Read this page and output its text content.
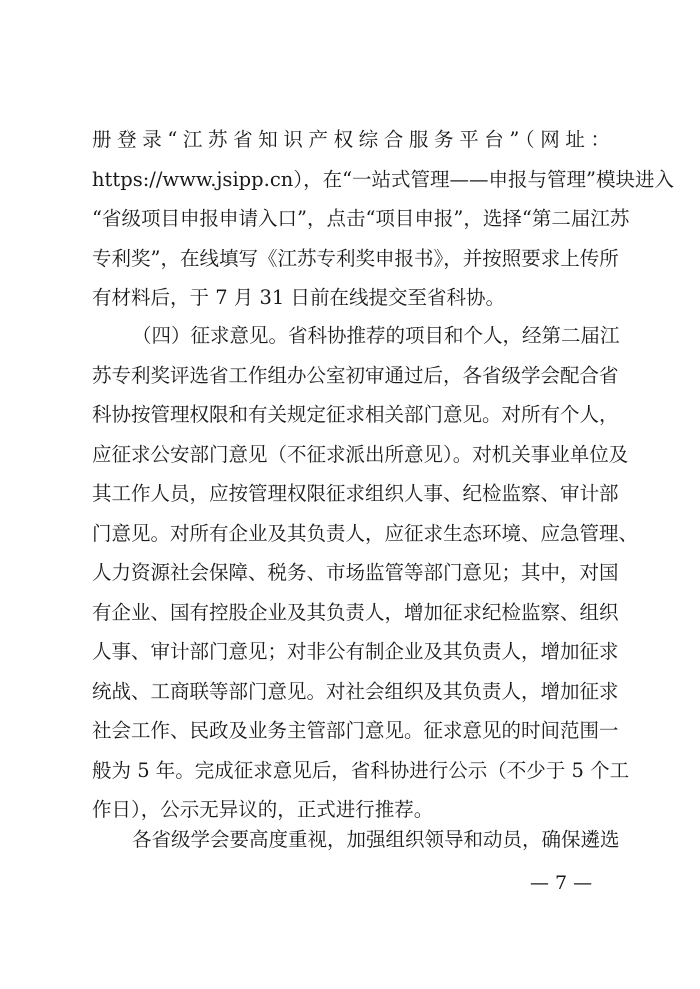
册登录“江苏省知识产权综合服务平台”（网址：
https://www.jsipp.cn），在“一站式管理——申报与管理”模块进入
“省级项目申报申请入口”，点击“项目申报”，选择“第二届江苏
专利奖”，在线填写《江苏专利奖申报书》，并按照要求上传所
有材料后，于 7 月 31 日前在线提交至省科协。
（四）征求意见。省科协推荐的项目和个人，经第二届江
苏专利奖评选省工作组办公室初审通过后，各省级学会配合省
科协按管理权限和有关规定征求相关部门意见。对所有个人，
应征求公安部门意见（不征求派出所意见）。对机关事业单位及
其工作人员，应按管理权限征求组织人事、纪检监察、审计部
门意见。对所有企业及其负责人，应征求生态环境、应急管理、
人力资源社会保障、税务、市场监管等部门意见；其中，对国
有企业、国有控股企业及其负责人，增加征求纪检监察、组织
人事、审计部门意见；对非公有制企业及其负责人，增加征求
统战、工商联等部门意见。对社会组织及其负责人，增加征求
社会工作、民政及业务主管部门意见。征求意见的时间范围一
般为 5 年。完成征求意见后，省科协进行公示（不少于 5 个工
作日），公示无异议的，正式进行推荐。
各省级学会要高度重视，加强组织领导和动员，确保遴选
— 7 —
